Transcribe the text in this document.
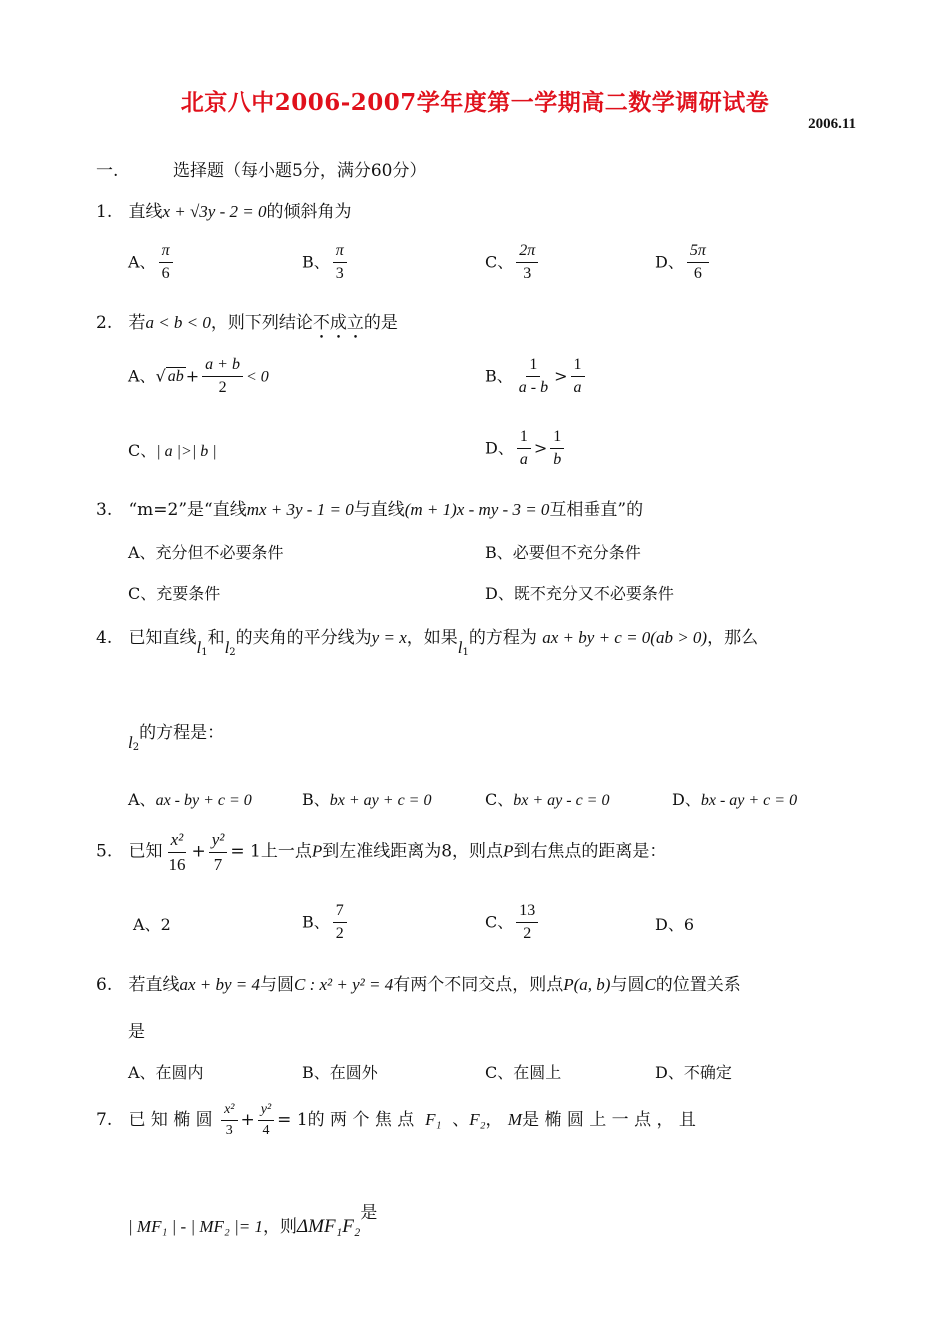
北京八中2006-2007学年度第一学期高二数学调研试卷
2006.11
一.	选择题（每小题5分，满分60分）
1. 直线x + √3y - 2 = 0的倾斜角为
A、 $\frac{\pi}{6}$	B、 $\frac{\pi}{3}$	C、 $\frac{2\pi}{3}$	D、 $\frac{5\pi}{6}$
2. 若a < b < 0，则下列结论不成立的是
A、√ ab + $\frac{a + b}{2} < 0$	B、 $\frac{1}{a - b} > \frac{1}{a}$
C、| a |>| b |	D、 $\frac{1}{a} > \frac{1}{b}$
3. “m=2”是“直线mx + 3y - 1 = 0与直线(m + 1)x - my - 3 = 0互相垂直”的
A、充分但不必要条件	B、必要但不充分条件
C、充要条件	D、既不充分又不必要条件
4. 已知直线$l_1$和$l_2$的夹角的平分线为y = x，如果$l_1$的方程为 ax + by + c = 0(ab > 0)，那么
$l_2$的方程是：
A、ax - by + c = 0	B、bx + ay + c = 0	C、bx + ay - c = 0	D、bx - ay + c = 0
5. 已知 $\frac{\text{x²}}{16} + \frac{\text{y²}}{7} = 1$上一点P到左准线距离为8，则点P到右焦点的距离是：
A、2	B、 $\frac{7}{2}$	C、 $\frac{13}{2}$	D、6
6. 若直线ax + by = 4与圆C : x² + y² = 4有两个不同交点，则点P(a, b)与圆C的位置关系
是
A、在圆内	B、在圆外	C、在圆上	D、不确定
7. 已 知 椭 圆 $\frac{\text{x²}}{3} + \frac{\text{y²}}{4} = 1$的 两 个 焦 点 F₁ 、F₂， M是 椭 圆 上 一 点 ， 且
| MF₁ | - | MF₂ |= 1，则ΔMF₁F₂是
